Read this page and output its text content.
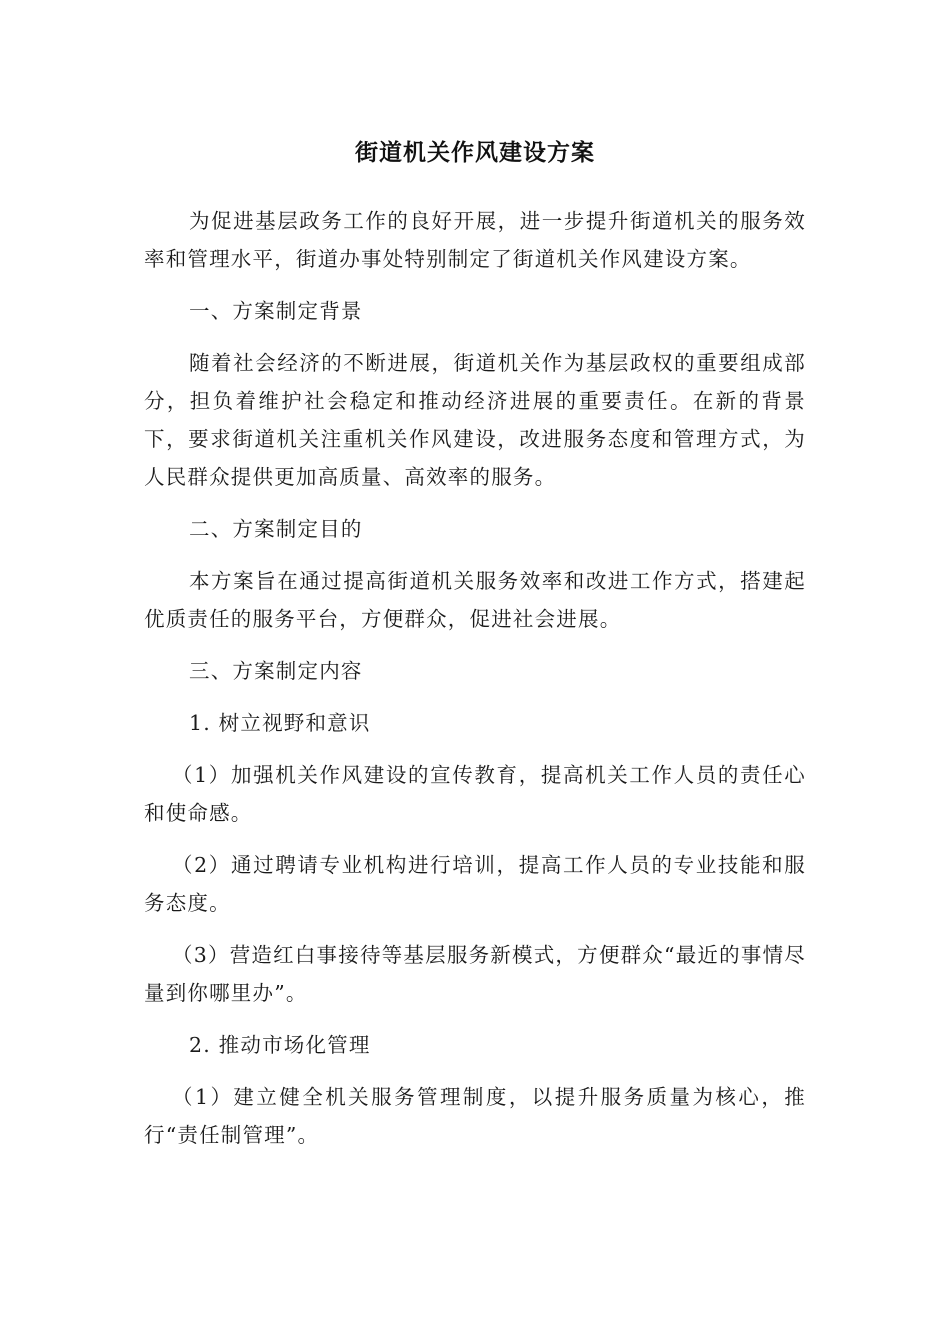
街道机关作风建设方案

为促进基层政务工作的良好开展，进一步提升街道机关的服务效率和管理水平，街道办事处特别制定了街道机关作风建设方案。

一、方案制定背景

随着社会经济的不断进展，街道机关作为基层政权的重要组成部分，担负着维护社会稳定和推动经济进展的重要责任。在新的背景下，要求街道机关注重机关作风建设，改进服务态度和管理方式，为人民群众提供更加高质量、高效率的服务。

二、方案制定目的

本方案旨在通过提高街道机关服务效率和改进工作方式，搭建起优质责任的服务平台，方便群众，促进社会进展。

三、方案制定内容

1. 树立视野和意识

（1）加强机关作风建设的宣传教育，提高机关工作人员的责任心和使命感。

（2）通过聘请专业机构进行培训，提高工作人员的专业技能和服务态度。

（3）营造红白事接待等基层服务新模式，方便群众“最近的事情尽量到你哪里办”。

2. 推动市场化管理

（1）建立健全机关服务管理制度，以提升服务质量为核心，推行“责任制管理”。
